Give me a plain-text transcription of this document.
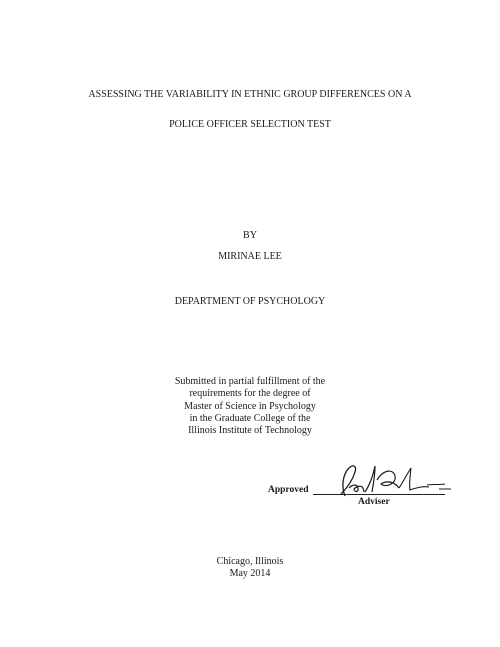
ASSESSING THE VARIABILITY IN ETHNIC GROUP DIFFERENCES ON A
POLICE OFFICER SELECTION TEST
BY
MIRINAE LEE
DEPARTMENT OF PSYCHOLOGY
Submitted in partial fulfillment of the
requirements for the degree of
Master of Science in Psychology
in the Graduate College of the
Illinois Institute of Technology
Approved
Adviser
Chicago, Illinois
May 2014
